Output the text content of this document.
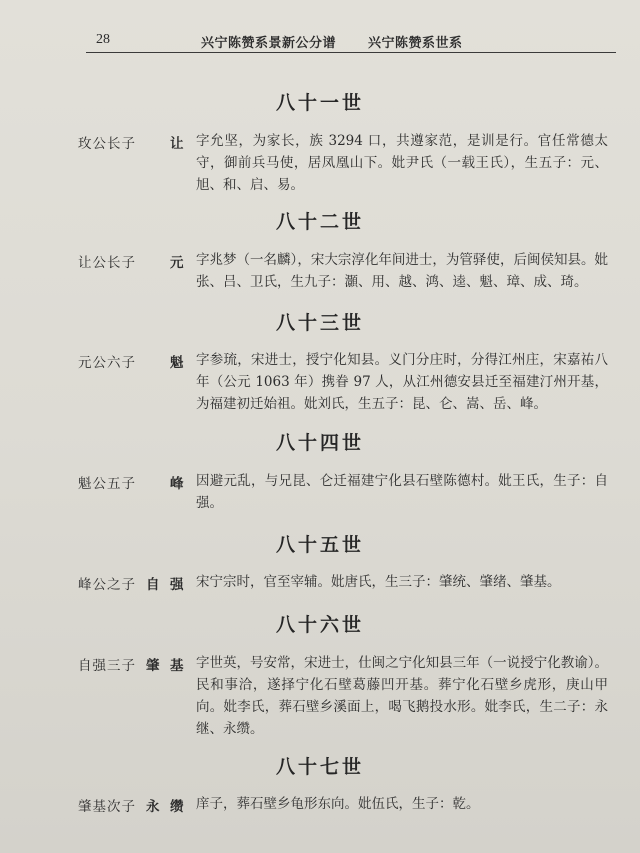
28	兴宁陈赞系景新公分谱 兴宁陈赞系世系
八十一世
玫公长子	让 字允坚，为家长，族 3294 口，共遵家范，是训是行。官任常德太守，御前兵马使，居凤凰山下。妣尹氏（一载王氏），生五子：元、旭、和、启、易。
八十二世
让公长子	元 字兆梦（一名麟），宋大宗淳化年间进士，为管驿使，后闽侯知县。妣张、吕、卫氏，生九子：灝、用、越、鸿、逵、魁、璋、成、琦。
八十三世
元公六子	魁 字参琉，宋进士，授宁化知县。义门分庄时，分得江州庄，宋嘉祐八年（公元 1063 年）携眷 97 人，从江州德安县迁至福建汀州开基，为福建初迁始祖。妣刘氏，生五子：昆、仑、嵩、岳、峰。
八十四世
魁公五子	峰 因避元乱，与兄昆、仑迁福建宁化县石壁陈德村。妣王氏，生子：自强。
八十五世
峰公之子 自 强 宋宁宗时，官至宰辅。妣唐氏，生三子：肇统、肇绪、肇基。
八十六世
自强三子 肇 基 字世英，号安常，宋进士，仕闽之宁化知县三年（一说授宁化教谕）。民和事洽，遂择宁化石壁葛藤凹开基。葬宁化石壁乡虎形，庚山甲向。妣李氏，葬石壁乡溪面上，喝飞鹅投水形。妣李氏，生二子：永继、永缵。
八十七世
肇基次子 永 缵 庠子，葬石壁乡龟形东向。妣伍氏，生子：乾。
